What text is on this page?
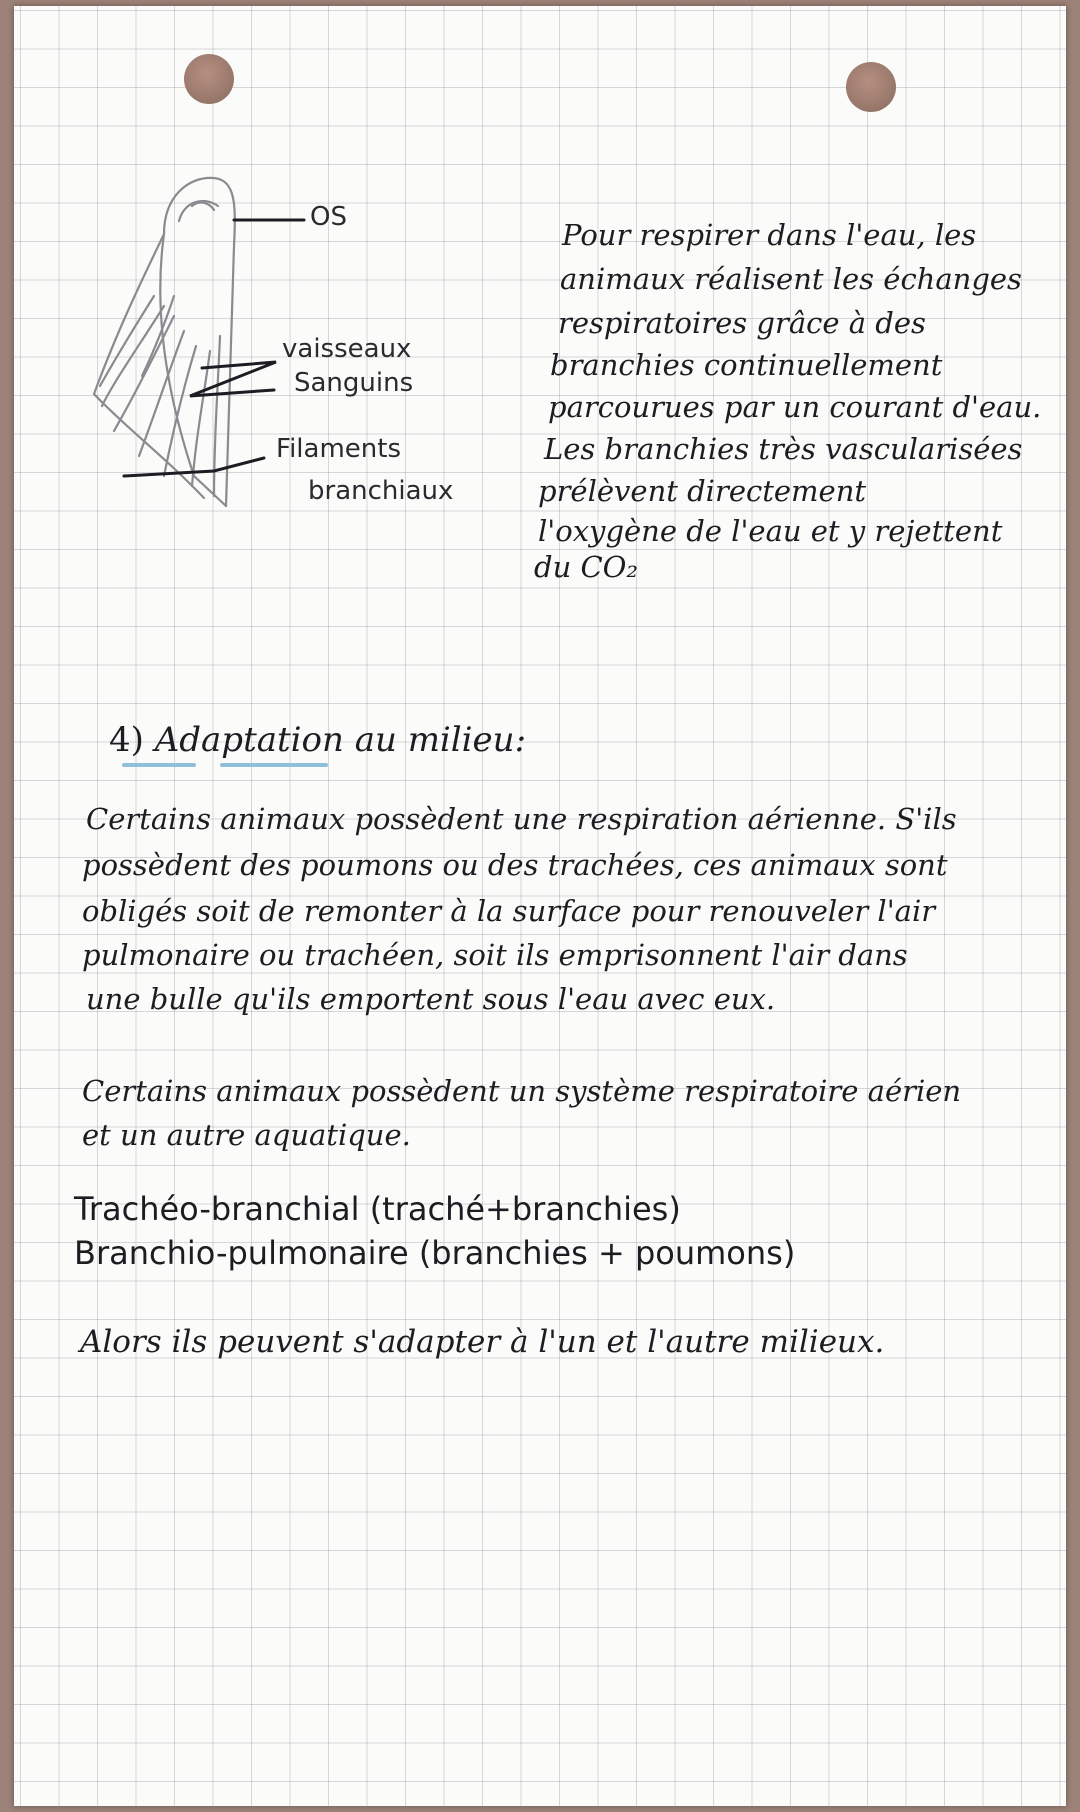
OS
vaisseaux
Sanguins
Filaments
branchiaux
Pour respirer dans l'eau, les
animaux réalisent les échanges
respiratoires grâce à des
branchies continuellement
parcourues par un courant d'eau.
Les branchies très vascularisées
prélèvent directement
l'oxygène de l'eau et y rejettent
du CO₂
4) Adaptation au milieu:
Certains animaux possèdent une respiration aérienne. S'ils
possèdent des poumons ou des trachées, ces animaux sont
obligés soit de remonter à la surface pour renouveler l'air
pulmonaire ou trachéen, soit ils emprisonnent l'air dans
une bulle qu'ils emportent sous l'eau avec eux.
Certains animaux possèdent un système respiratoire aérien
et un autre aquatique.
Trachéo-branchial (traché+branchies)
Branchio-pulmonaire (branchies + poumons)
Alors ils peuvent s'adapter à l'un et l'autre milieux.
